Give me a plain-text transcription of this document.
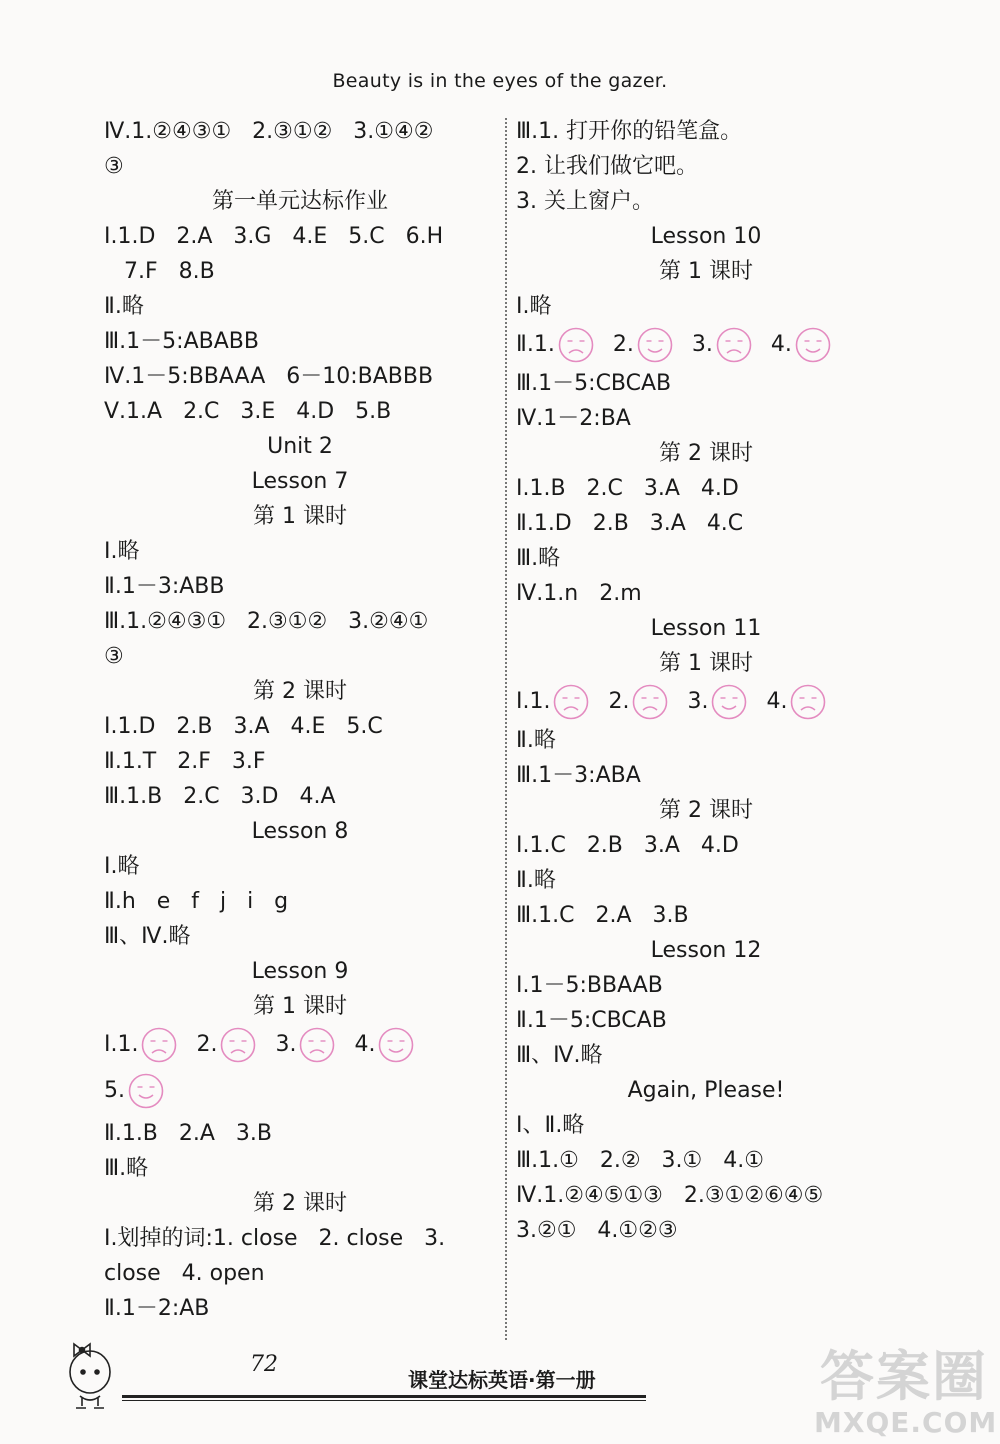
Beauty is in the eyes of the gazer.
Ⅳ.1.②④③①   2.③①②   3.①④②
③
第一单元达标作业
Ⅰ.1.D   2.A   3.G   4.E   5.C   6.H
7.F   8.B
Ⅱ.略
Ⅲ.1－5:ABABB
Ⅳ.1－5:BBAAA   6－10:BABBB
Ⅴ.1.A   2.C   3.E   4.D   5.B
Unit 2
Lesson 7
第 1 课时
Ⅰ.略
Ⅱ.1－3:ABB
Ⅲ.1.②④③①   2.③①②   3.②④①
③
第 2 课时
Ⅰ.1.D   2.B   3.A   4.E   5.C
Ⅱ.1.T   2.F   3.F
Ⅲ.1.B   2.C   3.D   4.A
Lesson 8
Ⅰ.略
Ⅱ.h   e   f   j   i   g
Ⅲ、Ⅳ.略
Lesson 9
第 1 课时
Ⅰ. 1.	2.	3.	4.
5.
Ⅱ.1.B   2.A   3.B
Ⅲ.略
第 2 课时
Ⅰ.划掉的词:1. close   2. close   3.
close   4. open
Ⅱ.1－2:AB
Ⅲ.1. 打开你的铅笔盒。
2. 让我们做它吧。
3. 关上窗户。
Lesson 10
第 1 课时
Ⅰ.略
Ⅱ. 1.	2.	3.	4.
Ⅲ.1－5:CBCAB
Ⅳ.1－2:BA
第 2 课时
Ⅰ.1.B   2.C   3.A   4.D
Ⅱ.1.D   2.B   3.A   4.C
Ⅲ.略
Ⅳ.1.n   2.m
Lesson 11
第 1 课时
Ⅰ. 1.	2.	3.	4.
Ⅱ.略
Ⅲ.1－3:ABA
第 2 课时
Ⅰ.1.C   2.B   3.A   4.D
Ⅱ.略
Ⅲ.1.C   2.A   3.B
Lesson 12
Ⅰ.1－5:BBAAB
Ⅱ.1－5:CBCAB
Ⅲ、Ⅳ.略
Again, Please!
Ⅰ、Ⅱ.略
Ⅲ.1.①   2.②   3.①   4.①
Ⅳ.1.②④⑤①③   2.③①②⑥④⑤
3.②①   4.①②③
72
课堂达标英语·第一册	答案圈
MXQE.COM
